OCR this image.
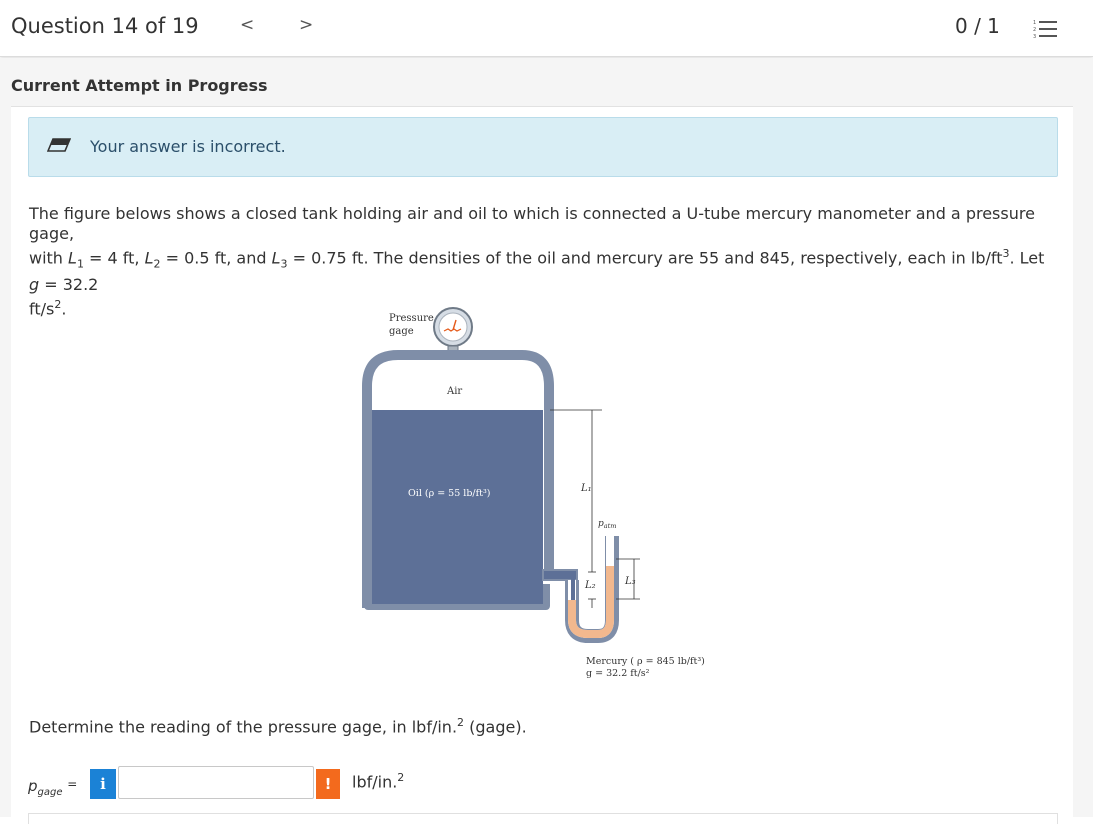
Question 14 of 19 <	>	0 / 1	1
2
3
Current Attempt in Progress
Your answer is incorrect.
The figure belows shows a closed tank holding air and oil to which is connected a U-tube mercury manometer and a pressure gage,
with $L_1 = 4$ ft, $L_2 = 0.5$ ft, and $L_3 = 0.75$ ft. The densities of the oil and mercury are 55 and 845, respectively, each in $lb/ft^3$. Let g = 32.2
$ft/s^2$.
Pressure
gage
Air
Oil (ρ = 55 lb/ft³)	L₁
$p_{atm}$
L₂	L₃
Mercury ( ρ = 845 lb/ft³)
g = 32.2 ft/s²
Determine the reading of the pressure gage, in lbf/in.$^2$ (gage).
$p_{gage}$ =	i	!	lbf/in.$^2$
